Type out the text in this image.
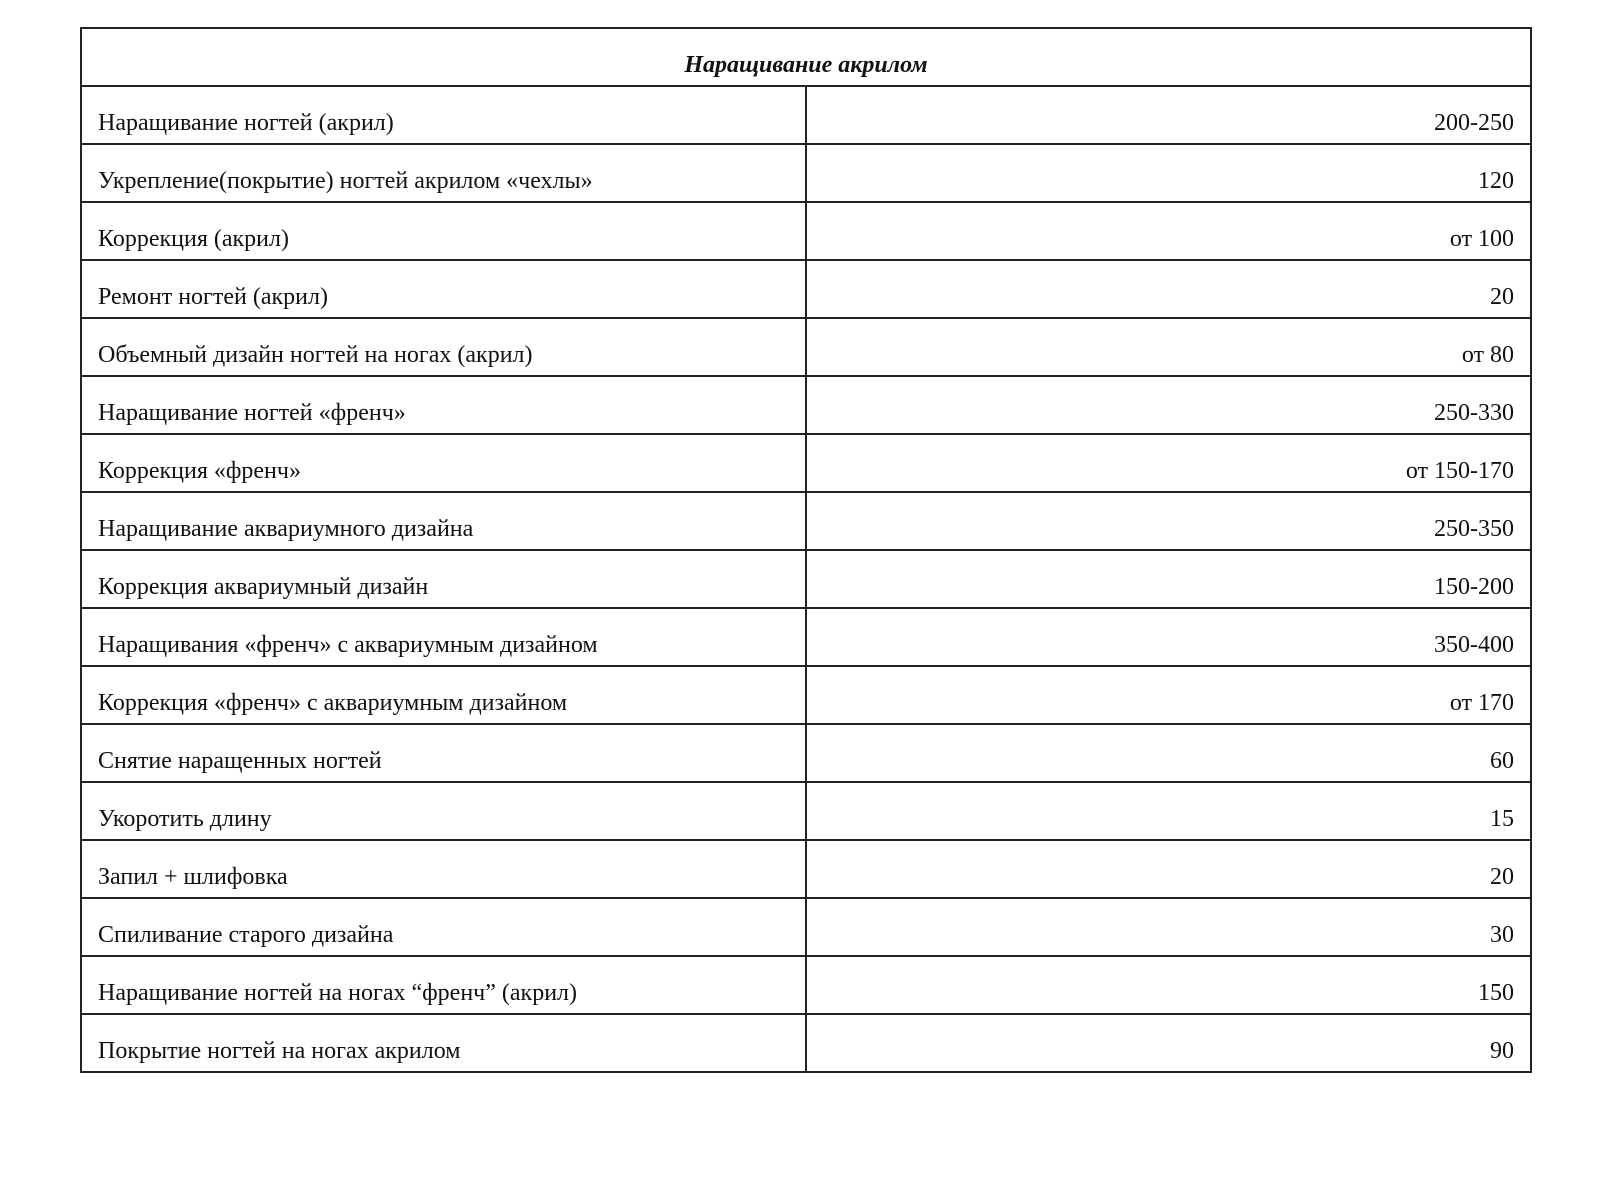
Наращивание акрилом	
Наращивание ногтей (акрил)	200-250
Укрепление(покрытие) ногтей акрилом «чехлы»	120
Коррекция (акрил)	от 100
Ремонт ногтей (акрил)	20
Объемный дизайн ногтей на ногах (акрил)	от 80
Наращивание ногтей «френч»	250-330
Коррекция «френч»	от 150-170
Наращивание аквариумного дизайна	250-350
Коррекция аквариумный дизайн	150-200
Наращивания «френч» с аквариумным дизайном	350-400
Коррекция «френч» с аквариумным дизайном	от 170
Снятие наращенных ногтей	60
Укоротить длину	15
Запил + шлифовка	20
Спиливание старого дизайна	30
Наращивание ногтей на ногах “френч” (акрил)	150
Покрытие ногтей на ногах акрилом	90
